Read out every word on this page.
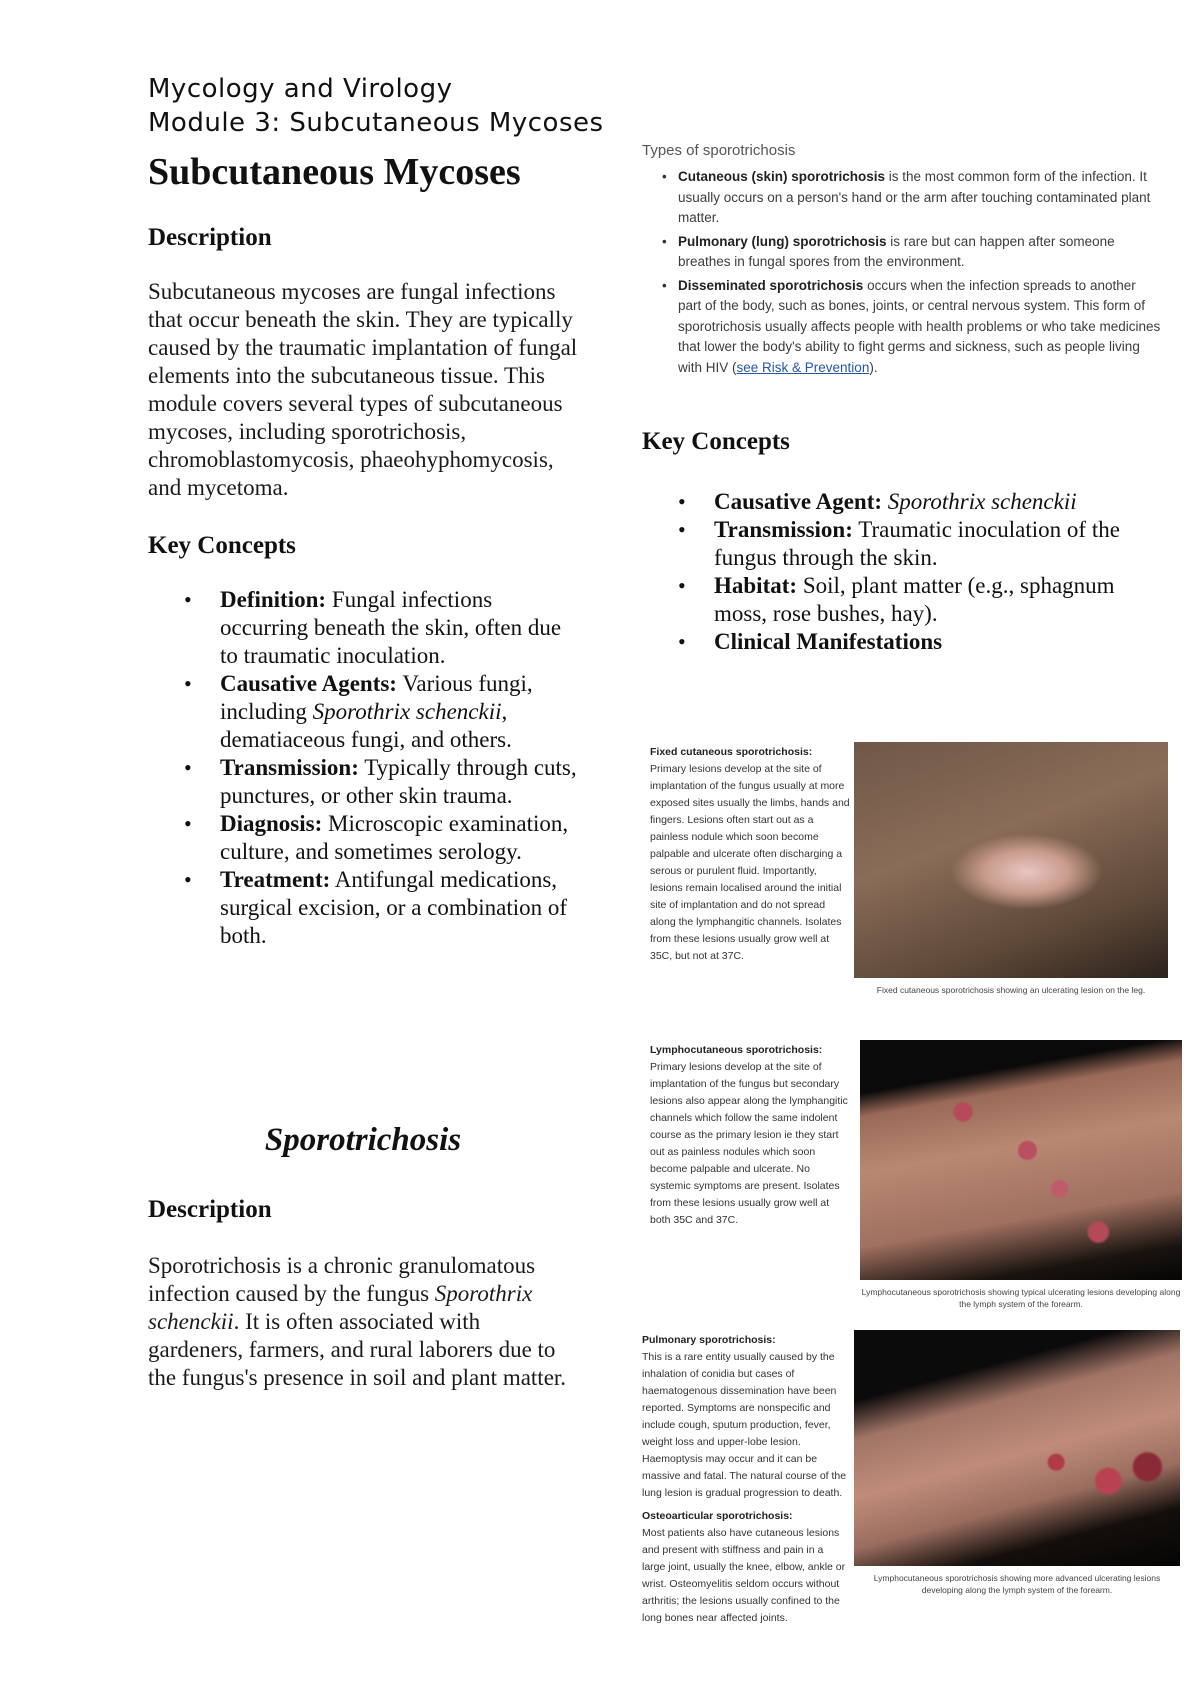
Mycology and Virology
Module 3: Subcutaneous Mycoses
Subcutaneous Mycoses
Description
Subcutaneous mycoses are fungal infections that occur beneath the skin. They are typically caused by the traumatic implantation of fungal elements into the subcutaneous tissue. This module covers several types of subcutaneous mycoses, including sporotrichosis, chromoblastomycosis, phaeohyphomycosis, and mycetoma.
Key Concepts
• Definition: Fungal infections occurring beneath the skin, often due to traumatic inoculation.
• Causative Agents: Various fungi, including Sporothrix schenckii, dematiaceous fungi, and others.
• Transmission: Typically through cuts, punctures, or other skin trauma.
• Diagnosis: Microscopic examination, culture, and sometimes serology.
• Treatment: Antifungal medications, surgical excision, or a combination of both.
Sporotrichosis
Description
Sporotrichosis is a chronic granulomatous infection caused by the fungus Sporothrix schenckii. It is often associated with gardeners, farmers, and rural laborers due to the fungus's presence in soil and plant matter.
Types of sporotrichosis
• Cutaneous (skin) sporotrichosis is the most common form of the infection. It usually occurs on a person's hand or the arm after touching contaminated plant matter.
• Pulmonary (lung) sporotrichosis is rare but can happen after someone breathes in fungal spores from the environment.
• Disseminated sporotrichosis occurs when the infection spreads to another part of the body, such as bones, joints, or central nervous system. This form of sporotrichosis usually affects people with health problems or who take medicines that lower the body's ability to fight germs and sickness, such as people living with HIV (see Risk & Prevention).
Key Concepts
• Causative Agent: Sporothrix schenckii
• Transmission: Traumatic inoculation of the fungus through the skin.
• Habitat: Soil, plant matter (e.g., sphagnum moss, rose bushes, hay).
• Clinical Manifestations
Fixed cutaneous sporotrichosis:
Primary lesions develop at the site of implantation of the fungus usually at more exposed sites usually the limbs, hands and fingers. Lesions often start out as a painless nodule which soon become palpable and ulcerate often discharging a serous or purulent fluid. Importantly, lesions remain localised around the initial site of implantation and do not spread along the lymphangitic channels. Isolates from these lesions usually grow well at 35C, but not at 37C.
Fixed cutaneous sporotrichosis showing an ulcerating lesion on the leg.
Lymphocutaneous sporotrichosis:
Primary lesions develop at the site of implantation of the fungus but secondary lesions also appear along the lymphangitic channels which follow the same indolent course as the primary lesion ie they start out as painless nodules which soon become palpable and ulcerate. No systemic symptoms are present. Isolates from these lesions usually grow well at both 35C and 37C.
Lymphocutaneous sporotrichosis showing typical ulcerating lesions developing along the lymph system of the forearm.
Pulmonary sporotrichosis:
This is a rare entity usually caused by the inhalation of conidia but cases of haematogenous dissemination have been reported. Symptoms are nonspecific and include cough, sputum production, fever, weight loss and upper-lobe lesion. Haemoptysis may occur and it can be massive and fatal. The natural course of the lung lesion is gradual progression to death.
Osteoarticular sporotrichosis:
Most patients also have cutaneous lesions and present with stiffness and pain in a large joint, usually the knee, elbow, ankle or wrist. Osteomyelitis seldom occurs without arthritis; the lesions usually confined to the long bones near affected joints.
Lymphocutaneous sporotrichosis showing more advanced ulcerating lesions developing along the lymph system of the forearm.
